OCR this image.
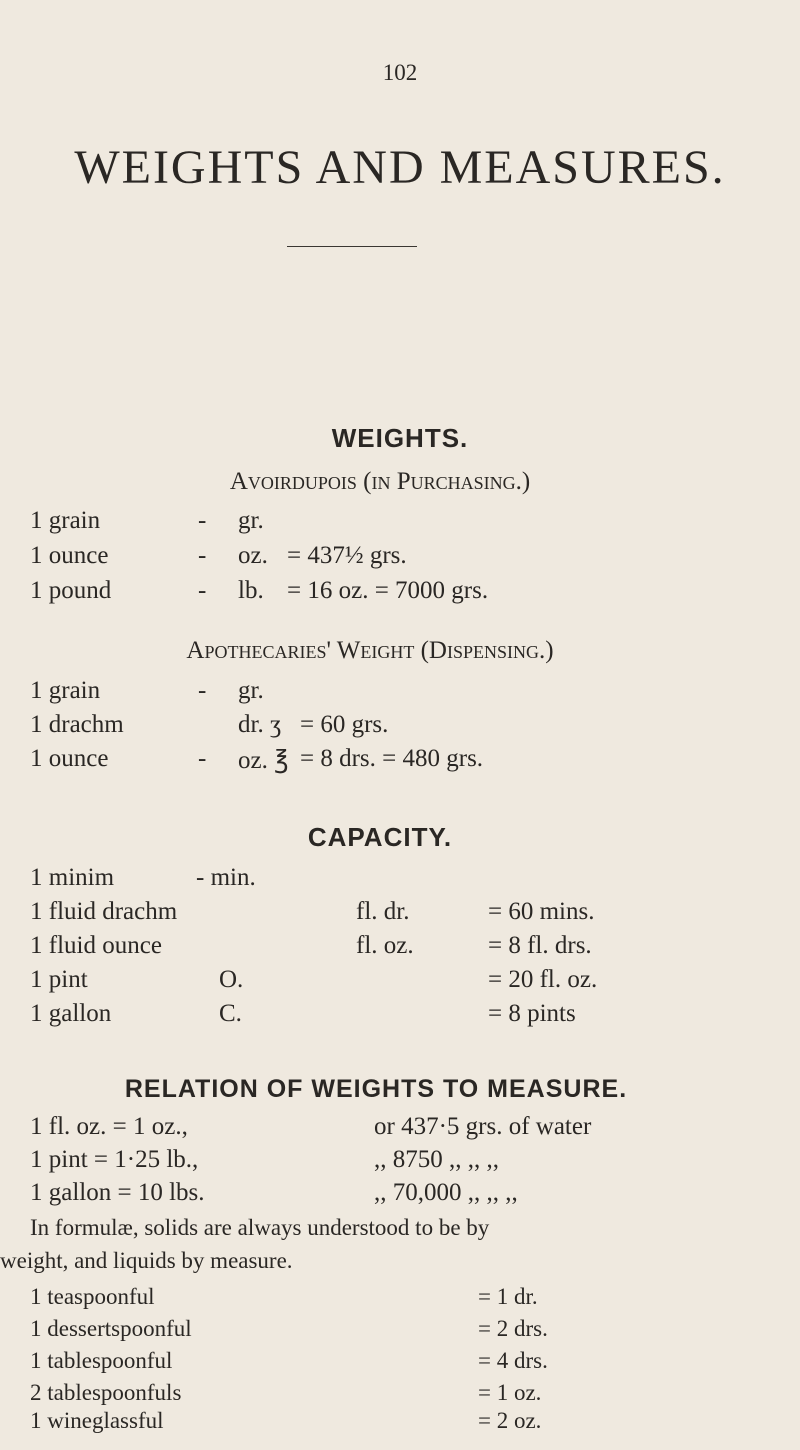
102
WEIGHTS AND MEASURES.
WEIGHTS.
Avoirdupois (in Purchasing.)
1 grain	- gr.
1 ounce	- oz. = 437½ grs.
1 pound	- lb. = 16 oz. = 7000 grs.
Apothecaries' Weight (Dispensing.)
1 grain	- gr.
1 drachm	dr. ʒ = 60 grs.
1 ounce	- oz. ℥ = 8 drs. = 480 grs.
CAPACITY.
1 minim	- min.
1 fluid drachm	fl. dr.	= 60 mins.
1 fluid ounce	fl. oz.	= 8 fl. drs.
1 pint	O.	= 20 fl. oz.
1 gallon	C.	= 8 pints
RELATION OF WEIGHTS TO MEASURE.
1 fl. oz. = 1 oz.,	or 437·5 grs. of water
1 pint = 1·25 lb.,	,, 8750 ,, ,, ,,
1 gallon = 10 lbs.	,, 70,000 ,, ,, ,,
In formulæ, solids are always understood to be by
weight, and liquids by measure.
1 teaspoonful	= 1 dr.
1 dessertspoonful	= 2 drs.
1 tablespoonful	= 4 drs.
2 tablespoonfuls	= 1 oz.
1 wineglassful	= 2 oz.
